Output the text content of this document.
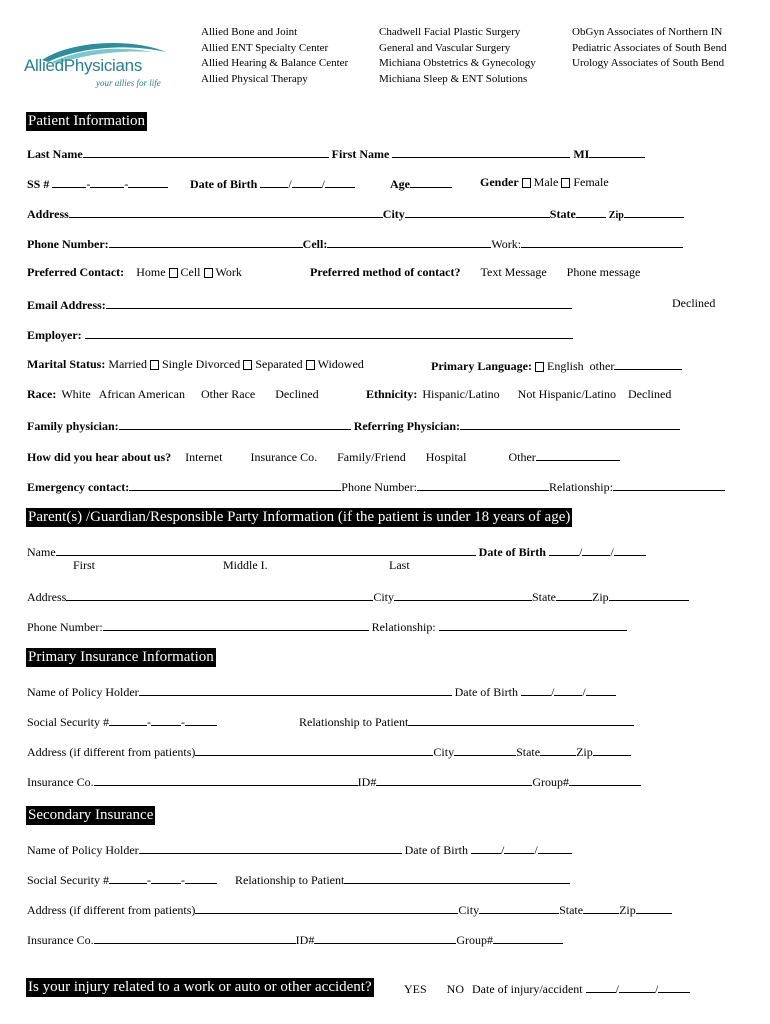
AlliedPhysicians
your allies for life
Allied Bone and Joint
Allied ENT Specialty Center
Allied Hearing & Balance Center
Allied Physical Therapy
Chadwell Facial Plastic Surgery
General and Vascular Surgery
Michiana Obstetrics & Gynecology
Michiana Sleep & ENT Solutions
ObGyn Associates of Northern IN
Pediatric Associates of South Bend
Urology Associates of South Bend
Patient Information
Last Name	First Name	MI
SS #	-	-	Date of Birth	/	/	Age	Gender Male Female
Address	City	State	Zip
Phone Number:	Cell:	Work:
Preferred Contact: Home Cell Work	Preferred method of contact? Text Message Phone message
Email Address:	Declined
Employer:
Marital Status: Married Single Divorced Separated Widowed	Primary Language: English other
Race: White African American Other Race Declined	Ethnicity: Hispanic/Latino Not Hispanic/Latino Declined
Family physician:	Referring Physician:
How did you hear about us? Internet Insurance Co. Family/Friend Hospital	Other
Emergency contact:	Phone Number:	Relationship:
Parent(s) /Guardian/Responsible Party Information (if the patient is under 18 years of age)
Name	Date of Birth	/ /
First	Middle I.	Last
Address	City	State	Zip
Phone Number:	Relationship:
Primary Insurance Information
Name of Policy Holder	Date of Birth	/ /
Social Security #	-	-	Relationship to Patient
Address (if different from patients)	City	State	Zip
Insurance Co.	ID#	Group#
Secondary Insurance
Name of Policy Holder	Date of Birth	/	/
Social Security #	-	-	Relationship to Patient
Address (if different from patients)	City	State	Zip
Insurance Co.	ID#	Group#
Is your injury related to a work or auto or other accident?	YES NO Date of injury/accident	/	/
